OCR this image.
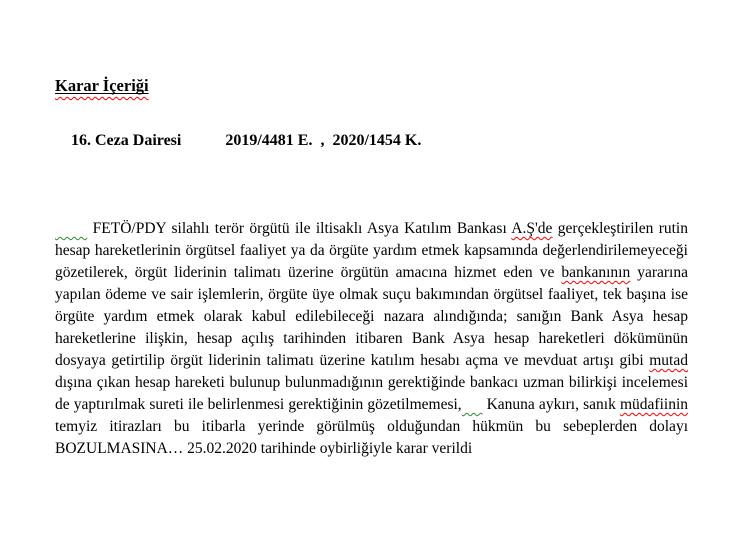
Karar İçeriği

16. Ceza Dairesi	2019/4481 E.  ,  2020/1454 K.

FETÖ/PDY silahlı terör örgütü ile iltisaklı Asya Katılım Bankası A.Ş'de gerçekleştirilen rutin hesap hareketlerinin örgütsel faaliyet ya da örgüte yardım etmek kapsamında değerlendirilemeyeceği gözetilerek, örgüt liderinin talimatı üzerine örgütün amacına hizmet eden ve bankanının yararına yapılan ödeme ve sair işlemlerin, örgüte üye olmak suçu bakımından örgütsel faaliyet, tek başına ise örgüte yardım etmek olarak kabul edilebileceği nazara alındığında; sanığın Bank Asya hesap hareketlerine ilişkin, hesap açılış tarihinden itibaren Bank Asya hesap hareketleri dökümünün dosyaya getirtilip örgüt liderinin talimatı üzerine katılım hesabı açma ve mevduat artışı gibi mutad dışına çıkan hesap hareketi bulunup bulunmadığının gerektiğinde bankacı uzman bilirkişi incelemesi de yaptırılmak sureti ile belirlenmesi gerektiğinin gözetilmemesi,      Kanuna aykırı, sanık müdafiinin temyiz itirazları bu itibarla yerinde görülmüş olduğundan hükmün bu sebeplerden dolayı BOZULMASINA… 25.02.2020 tarihinde oybirliğiyle karar verildi
